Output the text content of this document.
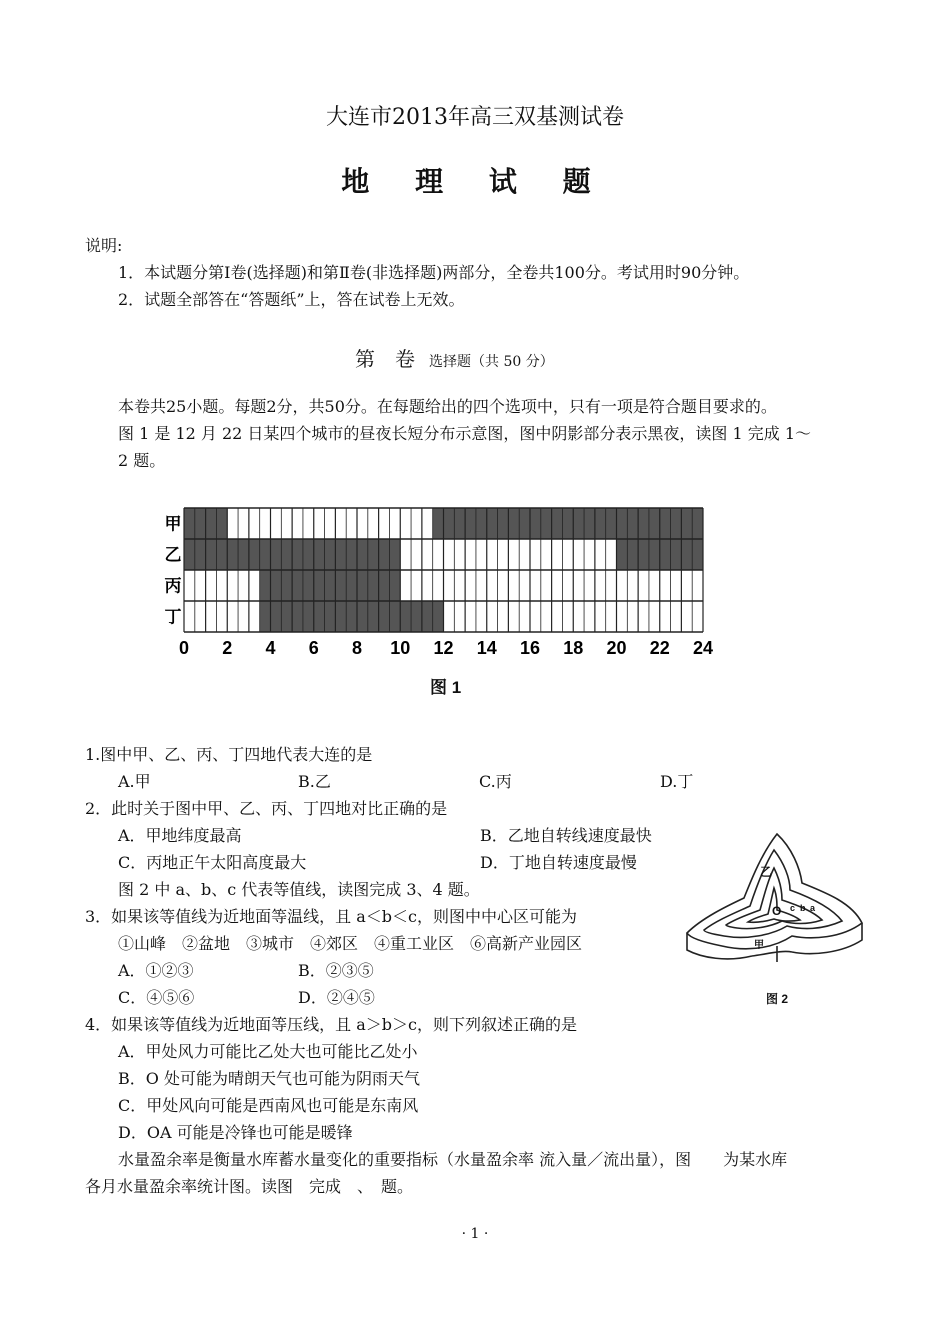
大连市2013年高三双基测试卷
地 理 试 题
说明:
1．本试题分第Ⅰ卷(选择题)和第Ⅱ卷(非选择题)两部分，全卷共100分。考试用时90分钟。
2．试题全部答在“答题纸”上，答在试卷上无效。
第　卷 选择题（共 50 分）
本卷共25小题。每题2分，共50分。在每题给出的四个选项中，只有一项是符合题目要求的。
图 1 是 12 月 22 日某四个城市的昼夜长短分布示意图，图中阴影部分表示黑夜，读图 1 完成 1～
2 题。
甲
乙
丙
丁
0 2 4 6 8 10 12 14 16 18 20 22 24
图 1
1.图中甲、乙、丙、丁四地代表大连的是
A.甲	B.乙	C.丙	D.丁
2．此时关于图中甲、乙、丙、丁四地对比正确的是
A．甲地纬度最高	B．乙地自转线速度最快
C．丙地正午太阳高度最大	D．丁地自转速度最慢
图 2 中 a、b、c 代表等值线，读图完成 3、4 题。
3．如果该等值线为近地面等温线，且 a＜b＜c，则图中中心区可能为
①山峰　②盆地　③城市　④郊区　④重工业区　⑥高新产业园区
A．①②③	B．②③⑤
C．④⑤⑥	D．②④⑤
4．如果该等值线为近地面等压线，且 a＞b＞c，则下列叙述正确的是
A．甲处风力可能比乙处大也可能比乙处小
B．O 处可能为晴朗天气也可能为阴雨天气
C．甲处风向可能是西南风也可能是东南风
D．OA 可能是冷锋也可能是暖锋
水量盈余率是衡量水库蓄水量变化的重要指标（水量盈余率 流入量／流出量），图　　为某水库
各月水量盈余率统计图。读图　完成　、　题。
乙
O c b a
甲
图 2
· 1 ·
